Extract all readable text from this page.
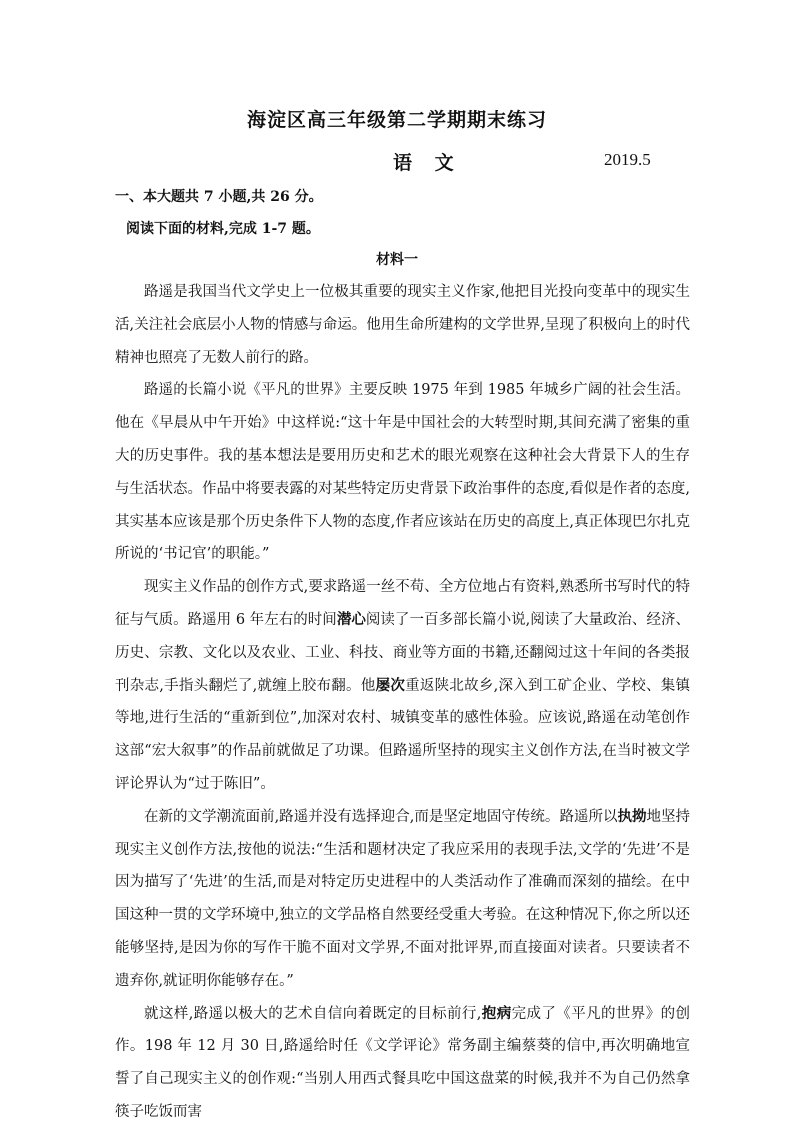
海淀区高三年级第二学期期末练习
语 文	2019.5
一、本大题共 7 小题,共 26 分。
阅读下面的材料,完成 1-7 题。
材料一

路遥是我国当代文学史上一位极其重要的现实主义作家,他把目光投向变革中的现实生活,关注社会底层小人物的情感与命运。他用生命所建构的文学世界,呈现了积极向上的时代精神也照亮了无数人前行的路。

路遥的长篇小说《平凡的世界》主要反映 1975 年到 1985 年城乡广阔的社会生活。他在《早晨从中午开始》中这样说:“这十年是中国社会的大转型时期,其间充满了密集的重大的历史事件。我的基本想法是要用历史和艺术的眼光观察在这种社会大背景下人的生存与生活状态。作品中将要表露的对某些特定历史背景下政治事件的态度,看似是作者的态度,其实基本应该是那个历史条件下人物的态度,作者应该站在历史的高度上,真正体现巴尔扎克所说的‘书记官’的职能。”

现实主义作品的创作方式,要求路遥一丝不苟、全方位地占有资料,熟悉所书写时代的特征与气质。路遥用 6 年左右的时间潜心阅读了一百多部长篇小说,阅读了大量政治、经济、历史、宗教、文化以及农业、工业、科技、商业等方面的书籍,还翻阅过这十年间的各类报刊杂志,手指头翻烂了,就缠上胶布翻。他屡次重返陕北故乡,深入到工矿企业、学校、集镇等地,进行生活的“重新到位”,加深对农村、城镇变革的感性体验。应该说,路遥在动笔创作这部“宏大叙事”的作品前就做足了功课。但路遥所坚持的现实主义创作方法,在当时被文学评论界认为“过于陈旧”。

在新的文学潮流面前,路遥并没有选择迎合,而是坚定地固守传统。路遥所以执拗地坚持现实主义创作方法,按他的说法:“生活和题材决定了我应采用的表现手法,文学的‘先进’不是因为描写了‘先进’的生活,而是对特定历史进程中的人类活动作了准确而深刻的描绘。在中国这种一贯的文学环境中,独立的文学品格自然要经受重大考验。在这种情况下,你之所以还能够坚持,是因为你的写作干脆不面对文学界,不面对批评界,而直接面对读者。只要读者不遗弃你,就证明你能够存在。”

就这样,路遥以极大的艺术自信向着既定的目标前行,抱病完成了《平凡的世界》的创作。198 年 12 月 30 日,路遥给时任《文学评论》常务副主编蔡葵的信中,再次明确地宣誓了自己现实主义的创作观:“当别人用西式餐具吃中国这盘菜的时候,我并不为自己仍然拿筷子吃饭而害
